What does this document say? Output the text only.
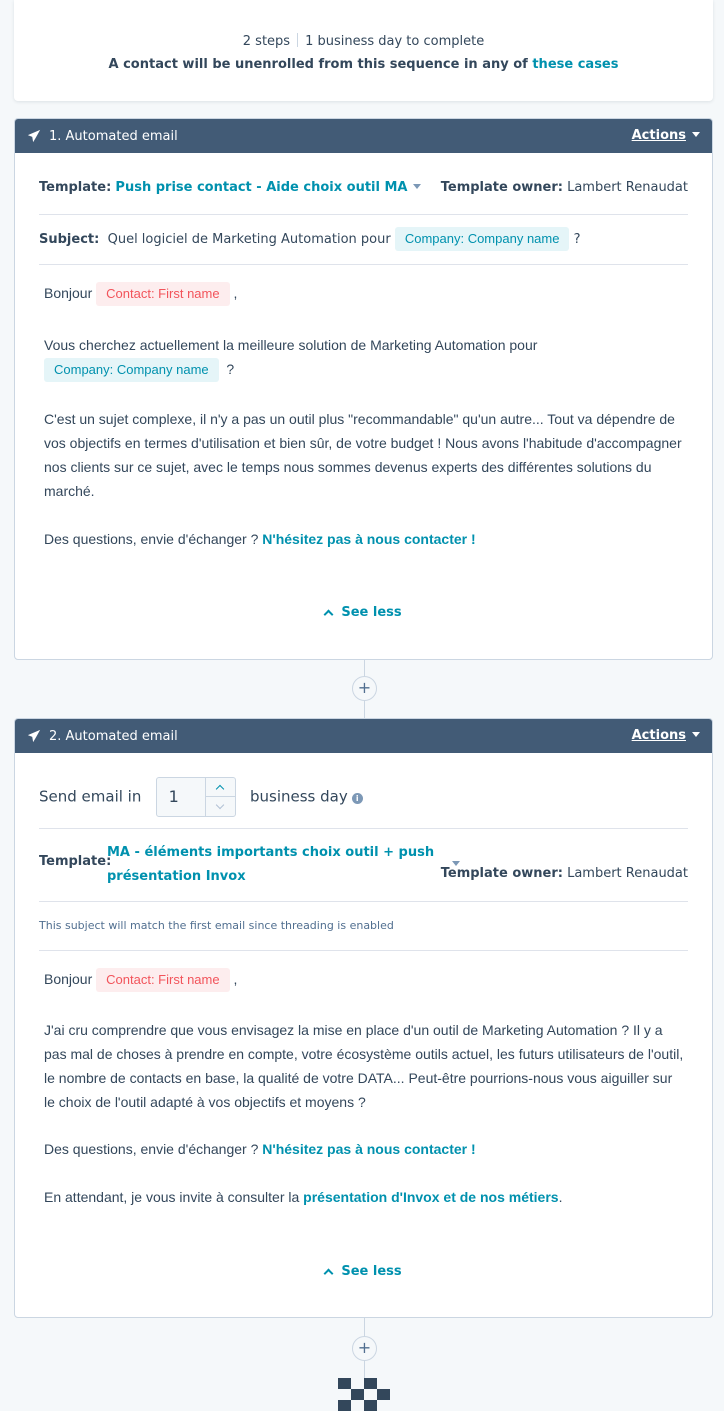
2 steps 1 business day to complete
A contact will be unenrolled from this sequence in any of these cases
1. Automated email	Actions
Template: Push prise contact - Aide choix outil MA	Template owner: Lambert Renaudat
Subject: Quel logiciel de Marketing Automation pour Company: Company name ?

Bonjour Contact: First name ,

Vous cherchez actuellement la meilleure solution de Marketing Automation pour

Company: Company name ?

C'est un sujet complexe, il n'y a pas un outil plus "recommandable" qu'un autre... Tout va dépendre de

vos objectifs en termes d'utilisation et bien sûr, de votre budget ! Nous avons l'habitude d'accompagner

nos clients sur ce sujet, avec le temps nous sommes devenus experts des différentes solutions du

marché.

Des questions, envie d'échanger ? N'hésitez pas à nous contacter !

See less
+
2. Automated email	Actions
Send email in 1	business day i
Template:
MA - éléments importants choix outil + push
présentation Invox	Template owner: Lambert Renaudat
This subject will match the first email since threading is enabled

Bonjour Contact: First name ,

J'ai cru comprendre que vous envisagez la mise en place d'un outil de Marketing Automation ? Il y a

pas mal de choses à prendre en compte, votre écosystème outils actuel, les futurs utilisateurs de l'outil,

le nombre de contacts en base, la qualité de votre DATA... Peut-être pourrions-nous vous aiguiller sur

le choix de l'outil adapté à vos objectifs et moyens ?

Des questions, envie d'échanger ? N'hésitez pas à nous contacter !

En attendant, je vous invite à consulter la présentation d'Invox et de nos métiers.

See less
+
